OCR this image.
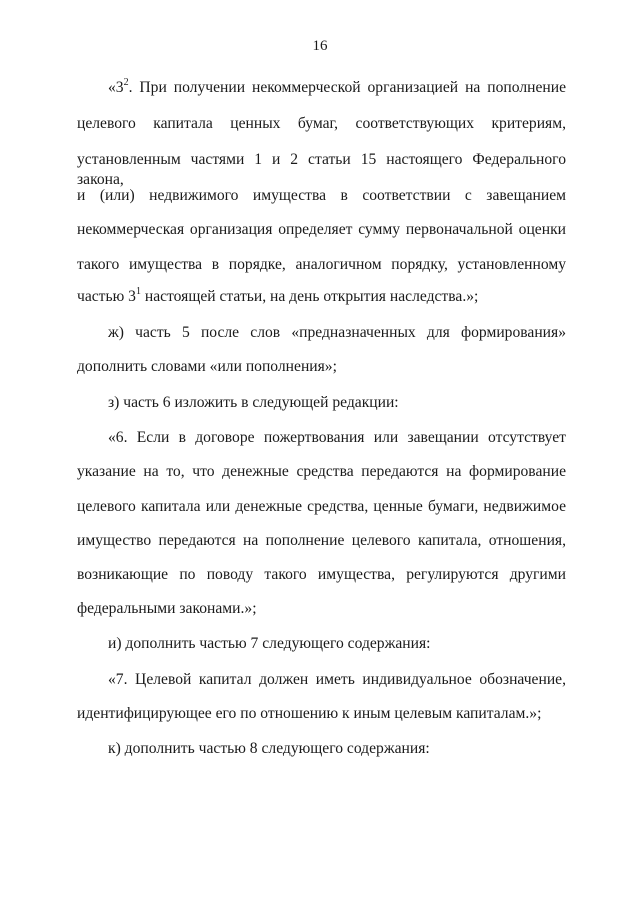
16
«$3^2$. При получении некоммерческой организацией на пополнение
целевого капитала ценных бумаг, соответствующих критериям,
установленным частями 1 и 2 статьи 15 настоящего Федерального закона,
и (или) недвижимого имущества в соответствии с завещанием
некоммерческая организация определяет сумму первоначальной оценки
такого имущества в порядке, аналогичном порядку, установленному
частью $3^1$ настоящей статьи, на день открытия наследства.»;
ж) часть 5 после слов «предназначенных для формирования»
дополнить словами «или пополнения»;
з) часть 6 изложить в следующей редакции:
«6. Если в договоре пожертвования или завещании отсутствует
указание на то, что денежные средства передаются на формирование
целевого капитала или денежные средства, ценные бумаги, недвижимое
имущество передаются на пополнение целевого капитала, отношения,
возникающие по поводу такого имущества, регулируются другими
федеральными законами.»;
и) дополнить частью 7 следующего содержания:
«7. Целевой капитал должен иметь индивидуальное обозначение,
идентифицирующее его по отношению к иным целевым капиталам.»;
к) дополнить частью 8 следующего содержания:
